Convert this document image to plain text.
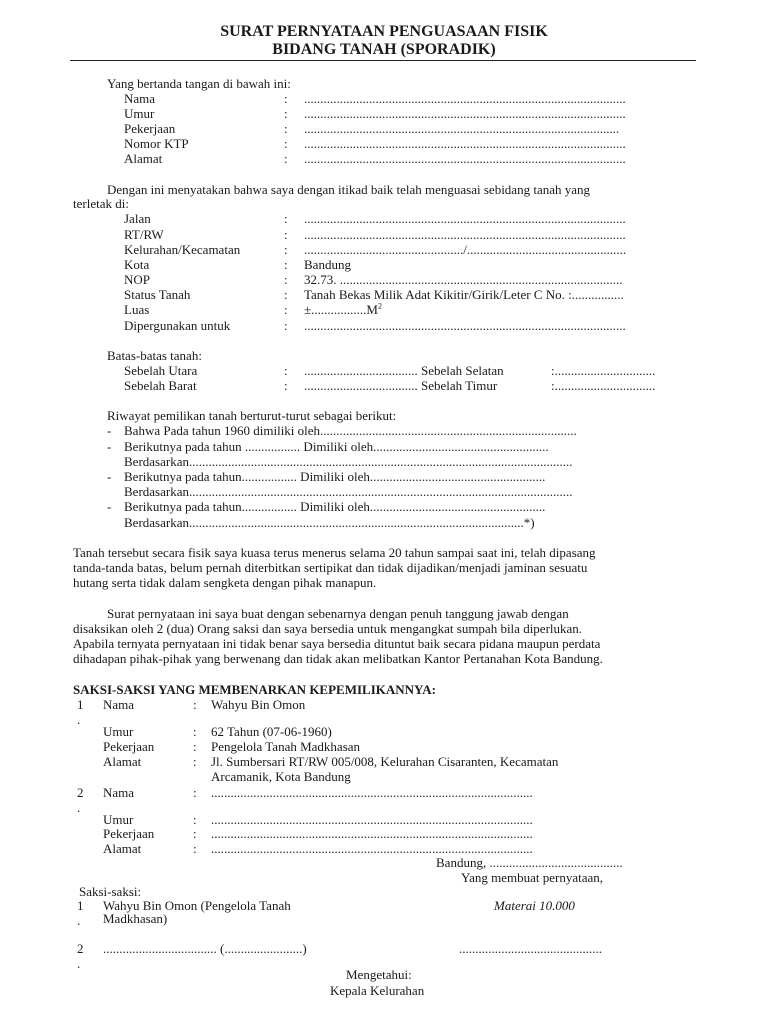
SURAT PERNYATAAN PENGUASAAN FISIK
BIDANG TANAH (SPORADIK)
Yang bertanda tangan di bawah ini:
Nama	: ...................................................................................................
Umur	: ...................................................................................................
Pekerjaan	: .................................................................................................
Nomor KTP	: ...................................................................................................
Alamat	: ...................................................................................................
Dengan ini menyatakan bahwa saya dengan itikad baik telah menguasai sebidang tanah yang
terletak di:
Jalan	: ...................................................................................................
RT/RW	: ...................................................................................................
Kelurahan/Kecamatan	: ................................................./.................................................
Kota	: Bandung
NOP	: 32.73. .......................................................................................
Status Tanah	: Tanah Bekas Milik Adat Kikitir/Girik/Leter C No. :................
Luas	: $\pm.................M^2$
Dipergunakan untuk	: ...................................................................................................
Batas-batas tanah:
Sebelah Utara	: ................................... Sebelah Selatan	:...............................
Sebelah Barat	: ................................... Sebelah Timur	:...............................
Riwayat pemilikan tanah berturut-turut sebagai berikut:
- Bahwa Pada tahun 1960 dimiliki oleh...............................................................................
- Berikutnya pada tahun ................. Dimiliki oleh......................................................
Berdasarkan......................................................................................................................
- Berikutnya pada tahun................. Dimiliki oleh......................................................
Berdasarkan......................................................................................................................
- Berikutnya pada tahun................. Dimiliki oleh......................................................
Berdasarkan.......................................................................................................*)
Tanah tersebut secara fisik saya kuasa terus menerus selama 20 tahun sampai saat ini, telah dipasang
tanda-tanda batas, belum pernah diterbitkan sertipikat dan tidak dijadikan/menjadi jaminan sesuatu
hutang serta tidak dalam sengketa dengan pihak manapun.
Surat pernyataan ini saya buat dengan sebenarnya dengan penuh tanggung jawab dengan
disaksikan oleh 2 (dua) Orang saksi dan saya bersedia untuk mengangkat sumpah bila diperlukan.
Apabila ternyata pernyataan ini tidak benar saya bersedia dituntut baik secara pidana maupun perdata
dihadapan pihak-pihak yang berwenang dan tidak akan melibatkan Kantor Pertanahan Kota Bandung.
SAKSI-SAKSI YANG MEMBENARKAN KEPEMILIKANNYA:
1
.
Nama	: Wahyu Bin Omon
Umur	: 62 Tahun (07-06-1960)
Pekerjaan	: Pengelola Tanah Madkhasan
Alamat	: Jl. Sumbersari RT/RW 005/008, Kelurahan Cisaranten, Kecamatan
Arcamanik, Kota Bandung
2
.
Nama	: ...................................................................................................
Umur	: ...................................................................................................
Pekerjaan	: ...................................................................................................
Alamat	: ...................................................................................................
Bandung, .........................................
Yang membuat pernyataan,
Saksi-saksi:
1
.
Wahyu Bin Omon (Pengelola Tanah
Madkhasan)
Materai 10.000
2
.
................................... (........................)	............................................
Mengetahui:
Kepala Kelurahan
